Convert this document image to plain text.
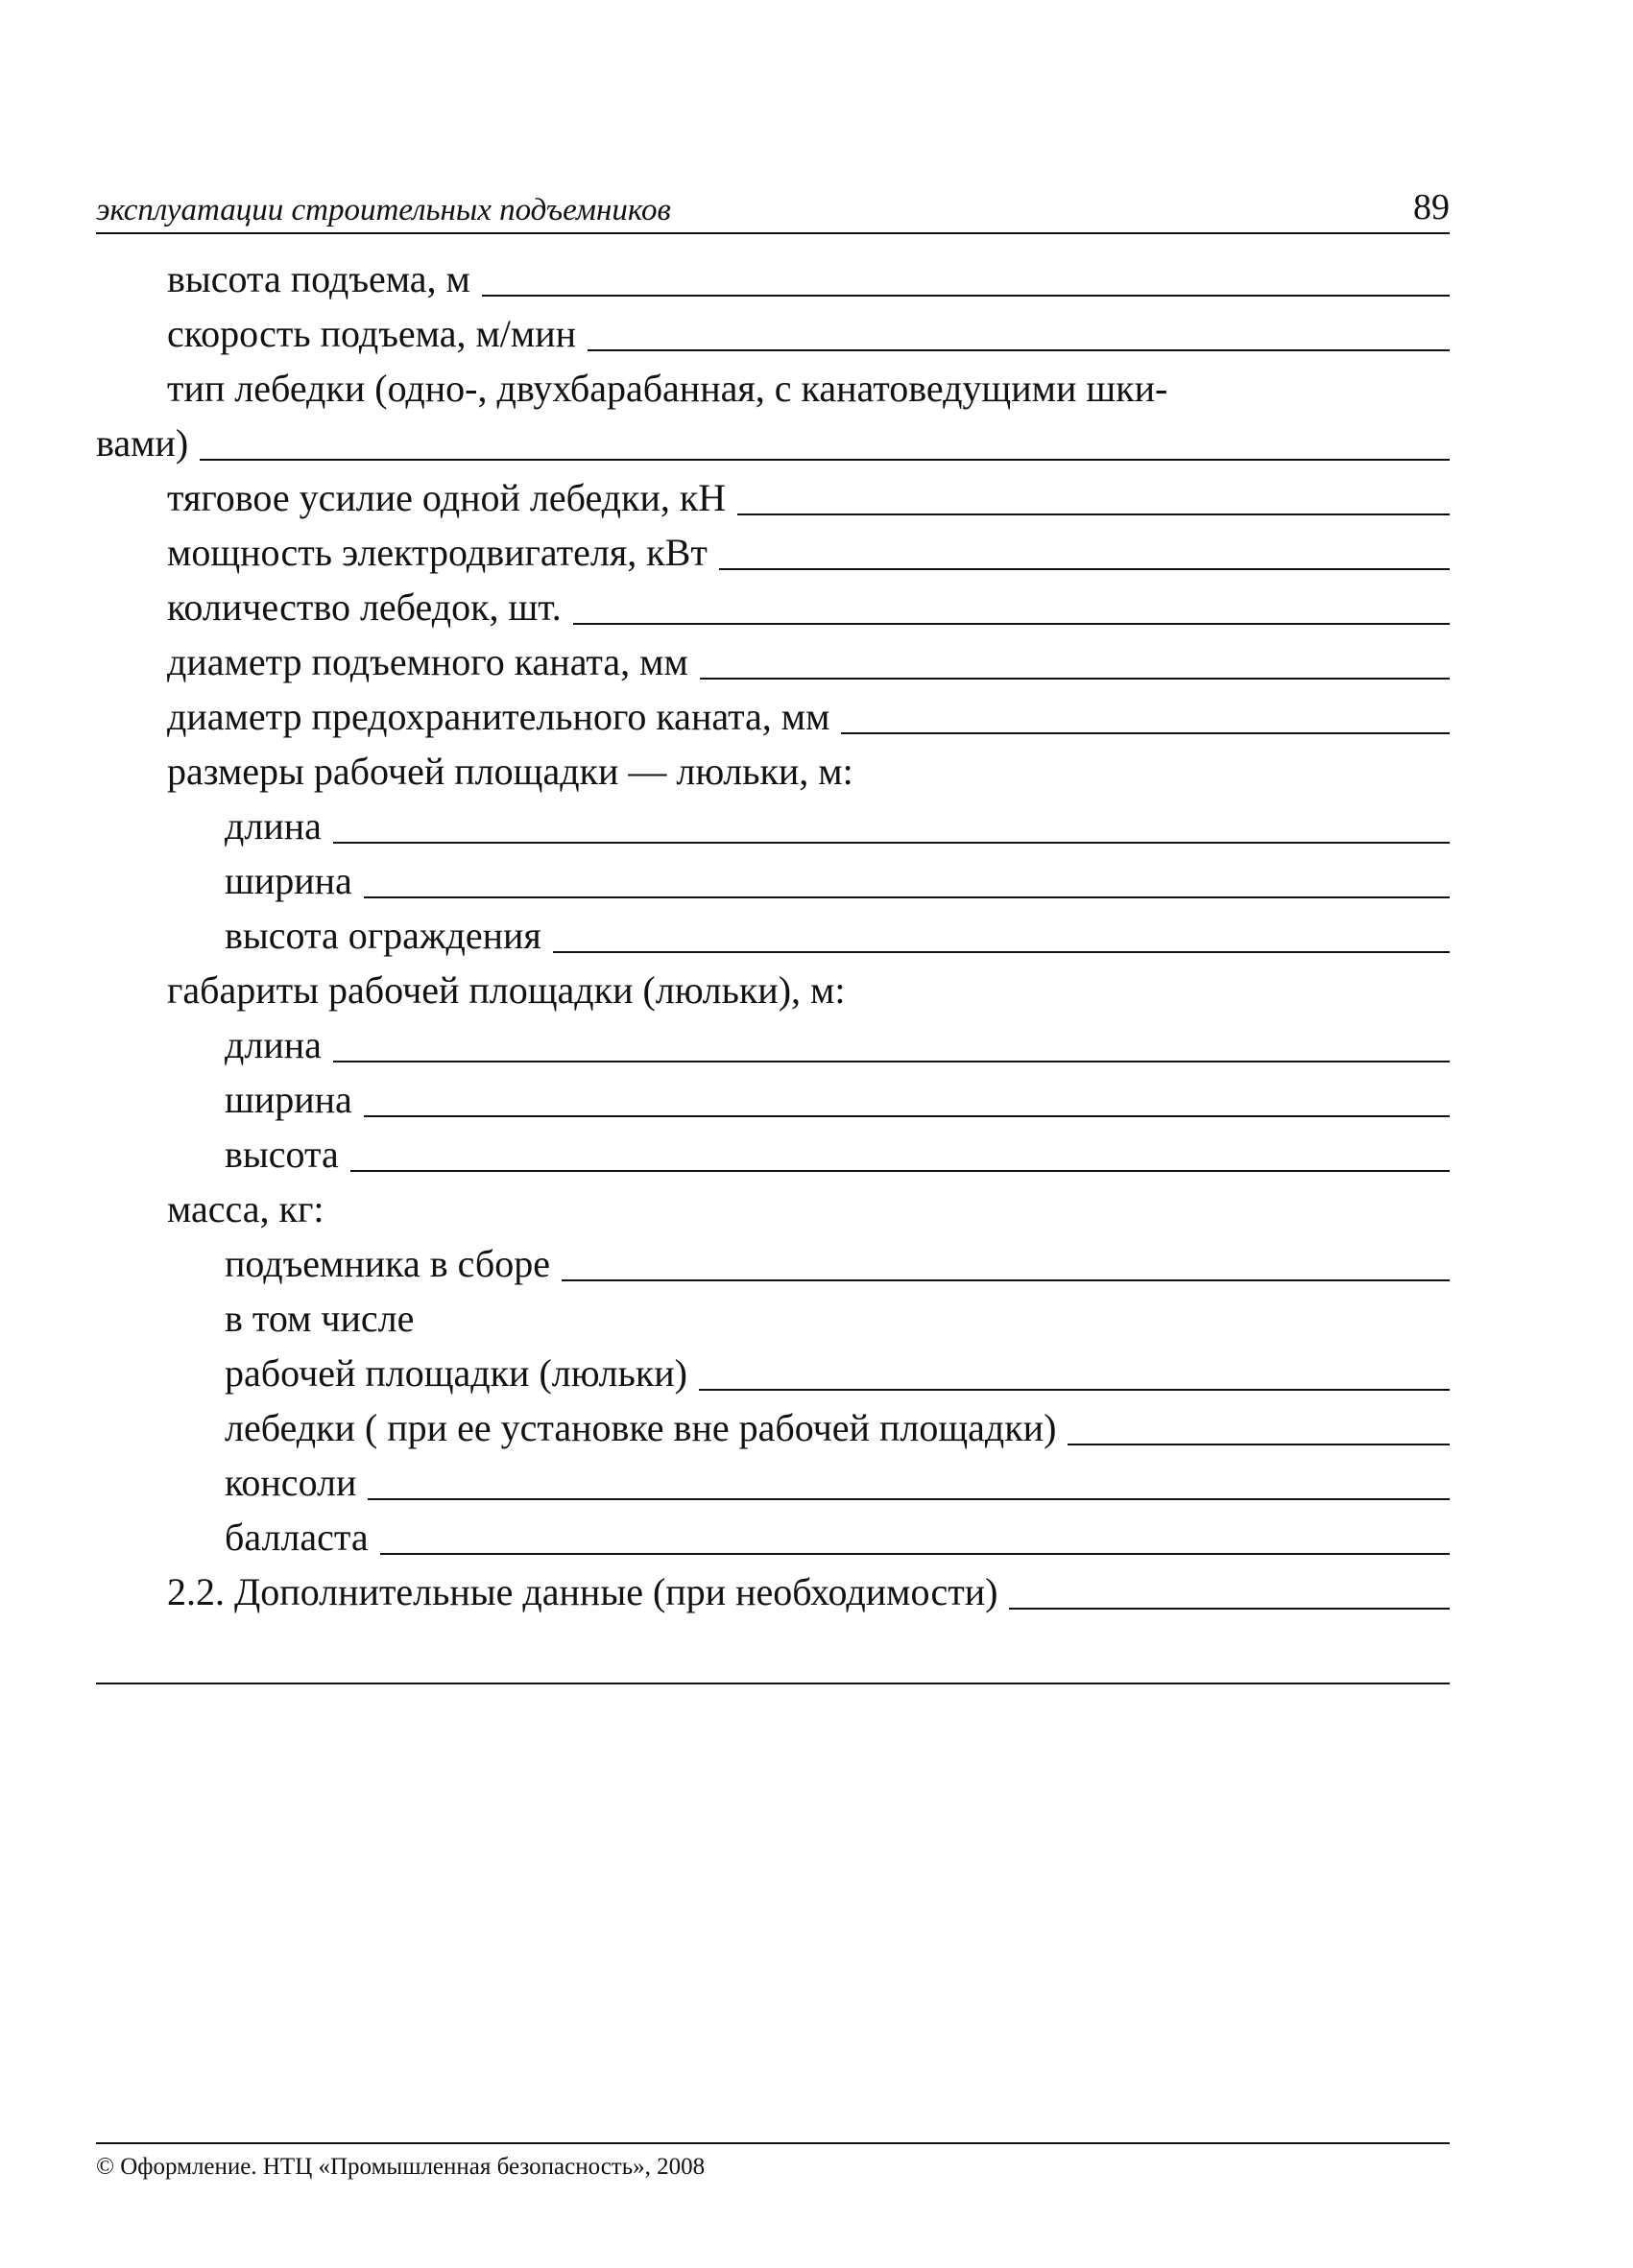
эксплуатации строительных подъемников	89
высота подъема, м
скорость подъема, м/мин
тип лебедки (одно-, двухбарабанная, с канатоведущими шки-
вами)
тяговое усилие одной лебедки, кН
мощность электродвигателя, кВт
количество лебедок, шт.
диаметр подъемного каната, мм
диаметр предохранительного каната, мм
размеры рабочей площадки — люльки, м:
длина
ширина
высота ограждения
габариты рабочей площадки (люльки), м:
длина
ширина
высота
масса, кг:
подъемника в сборе
в том числе
рабочей площадки (люльки)
лебедки ( при ее установке вне рабочей площадки)
консоли
балласта
2.2. Дополнительные данные (при необходимости)
© Оформление. НТЦ «Промышленная безопасность», 2008
